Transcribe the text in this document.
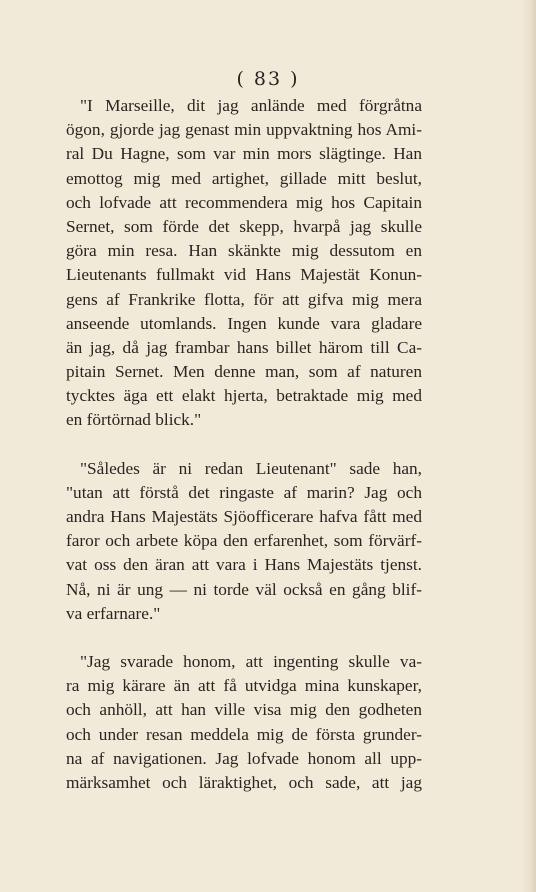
( 83 )

"I Marseille, dit jag anlände med förgråtna
ögon, gjorde jag genast min uppvaktning hos Ami-
ral Du Hagne, som var min mors slägtinge. Han
emottog mig med artighet, gillade mitt beslut,
och lofvade att recommendera mig hos Capitain
Sernet, som förde det skepp, hvarpå jag skulle
göra min resa. Han skänkte mig dessutom en
Lieutenants fullmakt vid Hans Majestät Konun-
gens af Frankrike flotta, för att gifva mig mera
anseende utomlands. Ingen kunde vara gladare
än jag, då jag frambar hans billet härom till Ca-
pitain Sernet. Men denne man, som af naturen
tycktes äga ett elakt hjerta, betraktade mig med
en förtörnad blick."

"Således är ni redan Lieutenant" sade han,
"utan att förstå det ringaste af marin? Jag och
andra Hans Majestäts Sjöofficerare hafva fått med
faror och arbete köpa den erfarenhet, som förvärf-
vat oss den äran att vara i Hans Majestäts tjenst.
Nå, ni är ung — ni torde väl också en gång blif-
va erfarnare."

"Jag svarade honom, att ingenting skulle va-
ra mig kärare än att få utvidga mina kunskaper,
och anhöll, att han ville visa mig den godheten
och under resan meddela mig de första grunder-
na af navigationen. Jag lofvade honom all upp-
märksamhet och läraktighet, och sade, att jag
